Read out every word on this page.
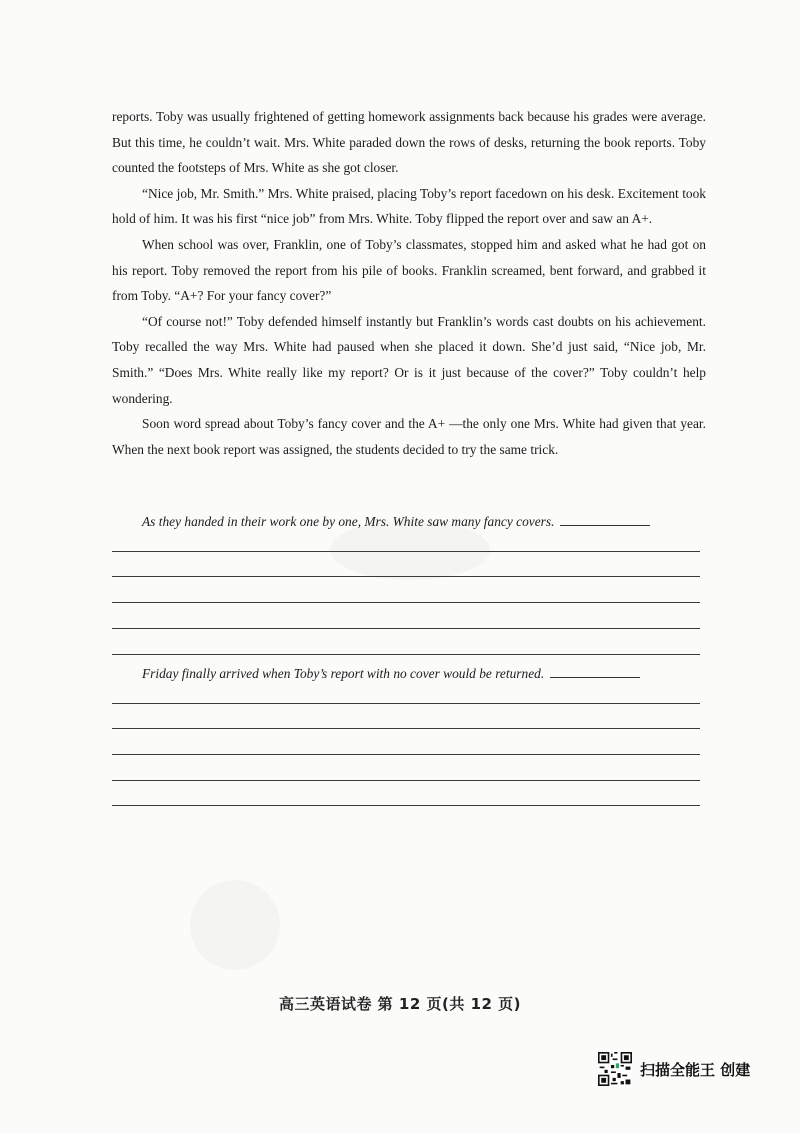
reports. Toby was usually frightened of getting homework assignments back because his grades were average. But this time, he couldn’t wait. Mrs. White paraded down the rows of desks, returning the book reports. Toby counted the footsteps of Mrs. White as she got closer.

“Nice job, Mr. Smith.” Mrs. White praised, placing Toby’s report facedown on his desk. Excitement took hold of him. It was his first “nice job” from Mrs. White. Toby flipped the report over and saw an A+.

When school was over, Franklin, one of Toby’s classmates, stopped him and asked what he had got on his report. Toby removed the report from his pile of books. Franklin screamed, bent forward, and grabbed it from Toby. “A+? For your fancy cover?”

“Of course not!” Toby defended himself instantly but Franklin’s words cast doubts on his achievement. Toby recalled the way Mrs. White had paused when she placed it down. She’d just said, “Nice job, Mr. Smith.” “Does Mrs. White really like my report? Or is it just because of the cover?” Toby couldn’t help wondering.

Soon word spread about Toby’s fancy cover and the A+ —the only one Mrs. White had given that year. When the next book report was assigned, the students decided to try the same trick.

As they handed in their work one by one, Mrs. White saw many fancy covers.
Friday finally arrived when Toby’s report with no cover would be returned.
高三英语试卷 第 12 页(共 12 页)
扫描全能王 创建
